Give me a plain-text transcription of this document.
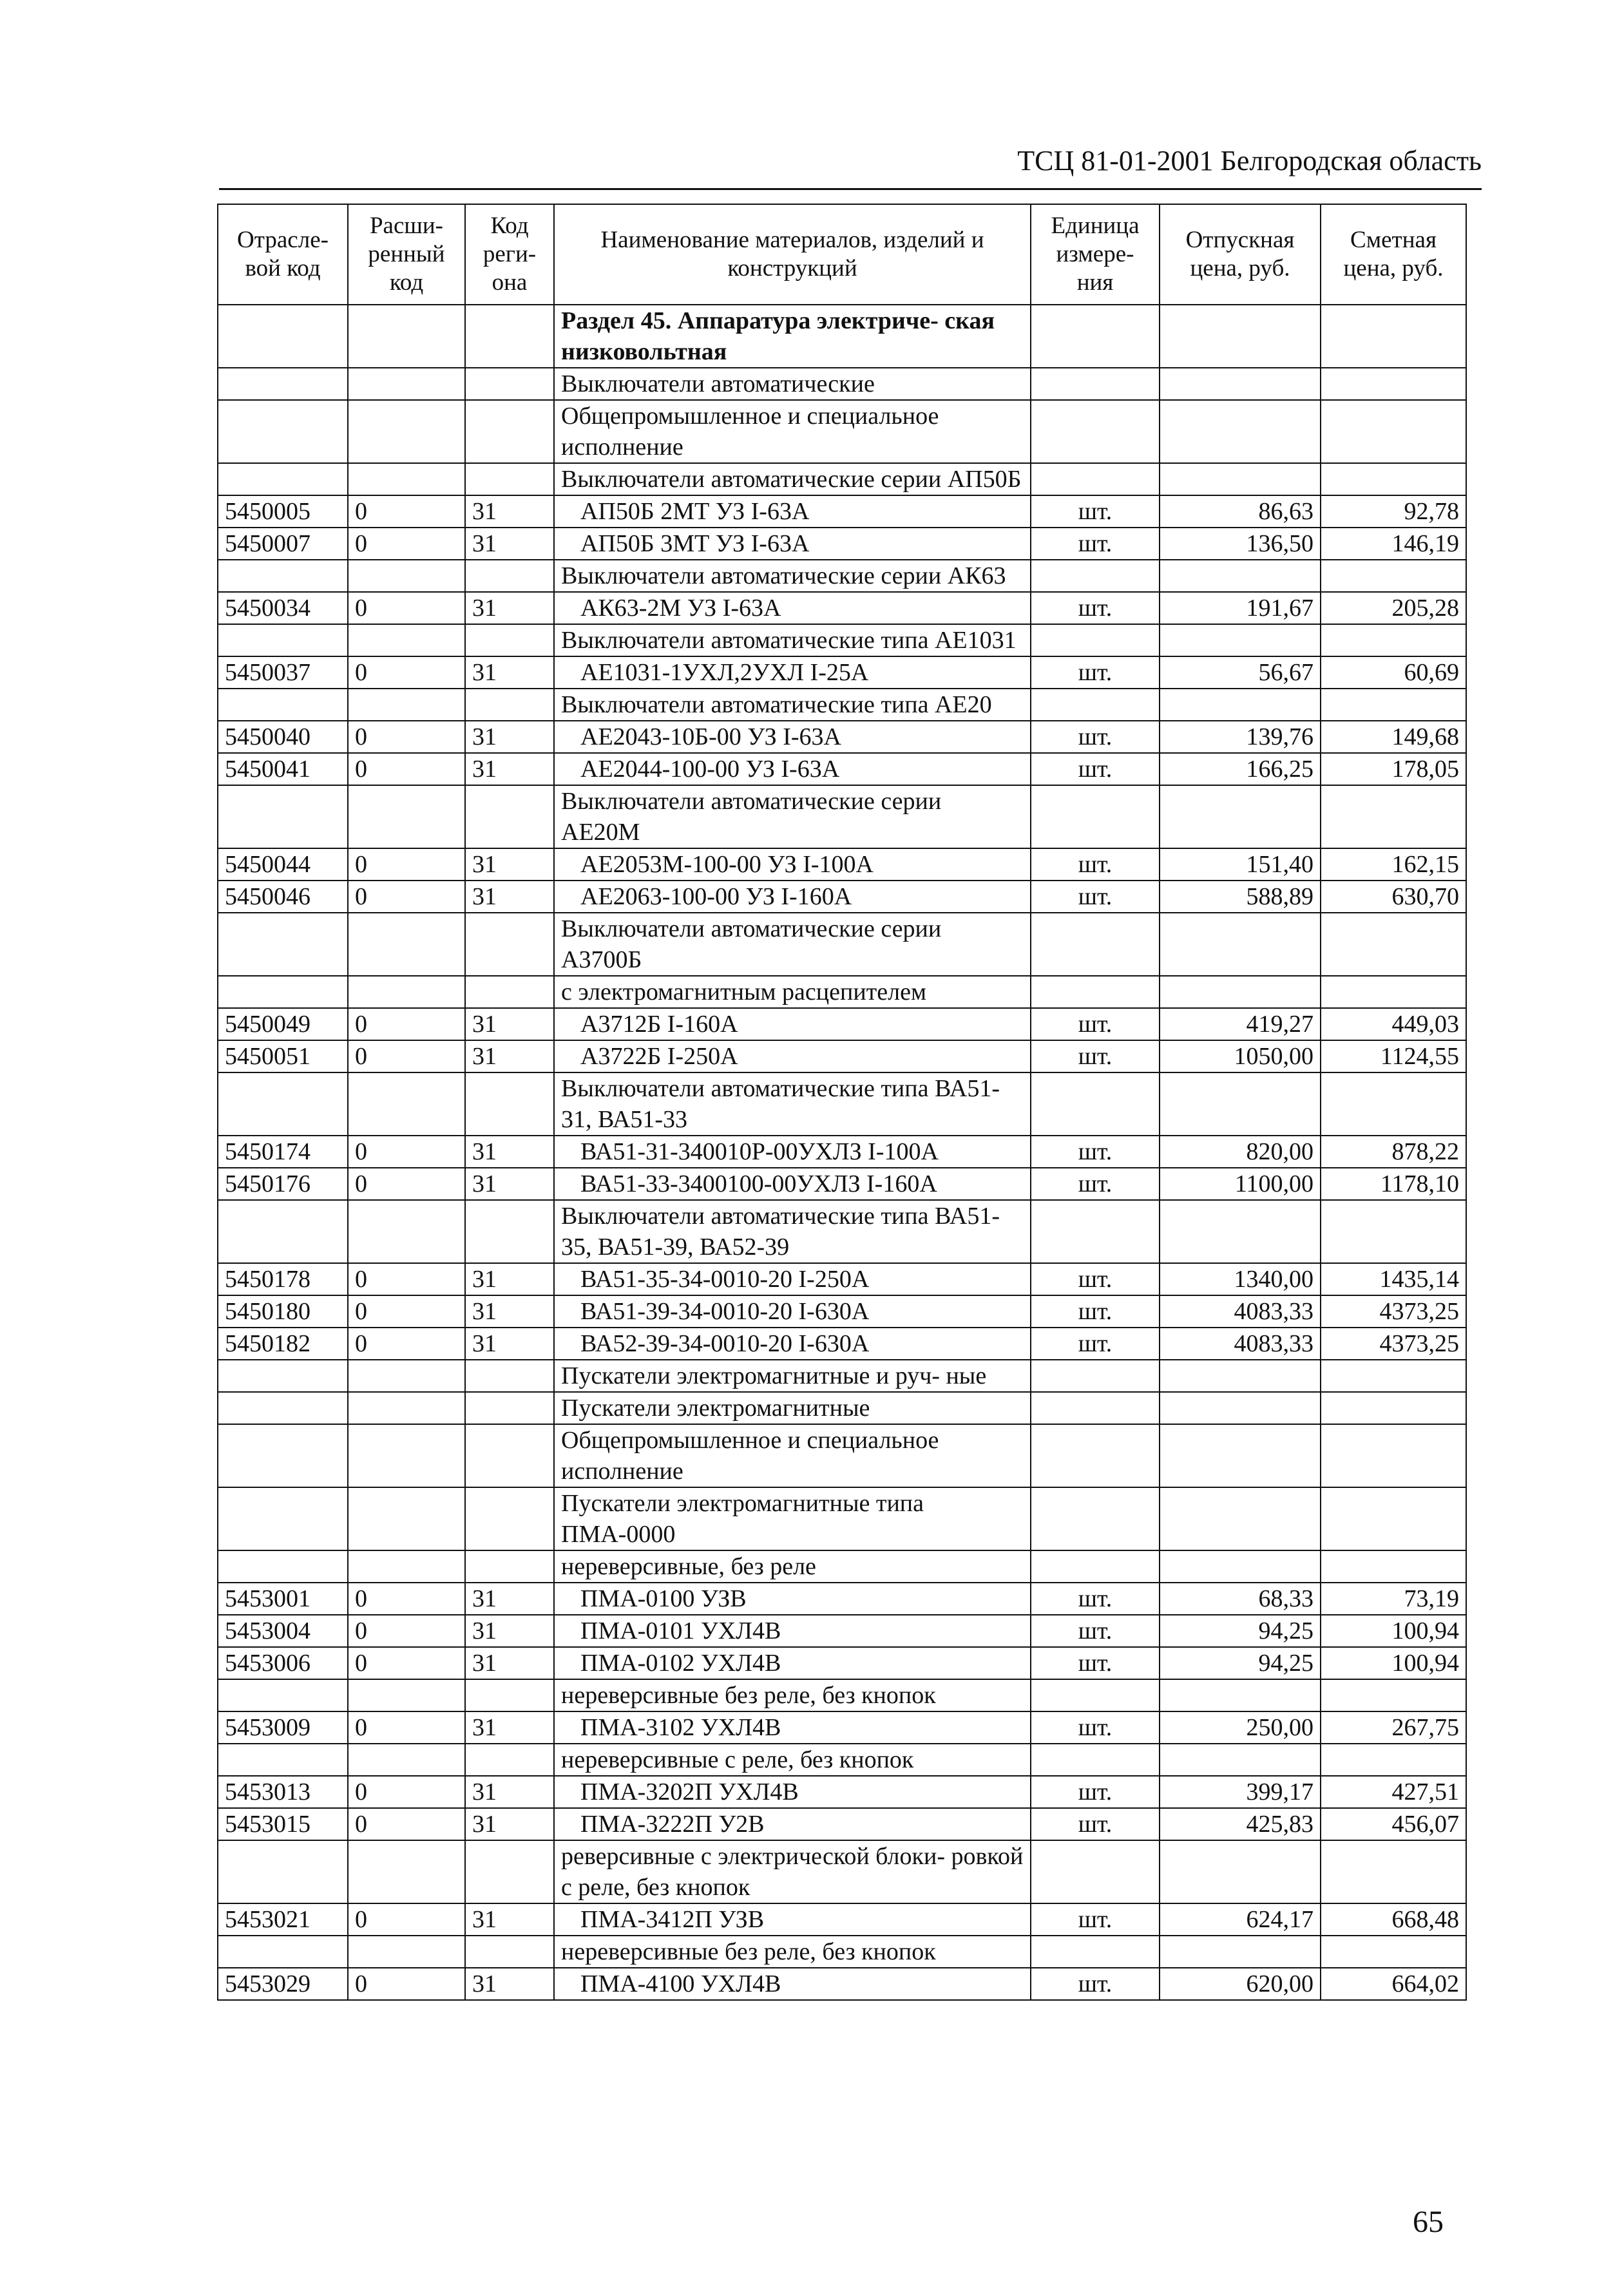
ТСЦ 81-01-2001 Белгородская область
Отрасле- вой код	Расши- ренный код	Код реги- она	Наименование материалов, изделий и конструкций	Единица измере- ния	Отпускная цена, руб.	Сметная цена, руб.
			Раздел 45. Аппаратура электриче- ская низковольтная			
			Выключатели автоматические			
			Общепромышленное и специальное исполнение			
			Выключатели автоматические серии АП50Б			
5450005	0	31	АП50Б 2МТ УЗ I-63A	шт.	86,63	92,78
5450007	0	31	АП50Б 3МТ УЗ I-63A	шт.	136,50	146,19
			Выключатели автоматические серии АК63			
5450034	0	31	АК63-2М УЗ I-63A	шт.	191,67	205,28
			Выключатели автоматические типа АЕ1031			
5450037	0	31	АЕ1031-1УХЛ,2УХЛ I-25A	шт.	56,67	60,69
			Выключатели автоматические типа АЕ20			
5450040	0	31	АЕ2043-10Б-00 УЗ I-63A	шт.	139,76	149,68
5450041	0	31	АЕ2044-100-00 УЗ I-63A	шт.	166,25	178,05
			Выключатели автоматические серии АЕ20М			
5450044	0	31	АЕ2053М-100-00 УЗ I-100A	шт.	151,40	162,15
5450046	0	31	АЕ2063-100-00 УЗ I-160A	шт.	588,89	630,70
			Выключатели автоматические серии А3700Б			
			с электромагнитным расцепителем			
5450049	0	31	А3712Б I-160A	шт.	419,27	449,03
5450051	0	31	А3722Б I-250A	шт.	1050,00	1124,55
			Выключатели автоматические типа ВА51-31, ВА51-33			
5450174	0	31	ВА51-31-340010Р-00УХЛЗ I-100A	шт.	820,00	878,22
5450176	0	31	ВА51-33-3400100-00УХЛЗ I-160A	шт.	1100,00	1178,10
			Выключатели автоматические типа ВА51-35, ВА51-39, ВА52-39			
5450178	0	31	ВА51-35-34-0010-20 I-250A	шт.	1340,00	1435,14
5450180	0	31	ВА51-39-34-0010-20 I-630A	шт.	4083,33	4373,25
5450182	0	31	ВА52-39-34-0010-20 I-630A	шт.	4083,33	4373,25
			Пускатели электромагнитные и руч- ные			
			Пускатели электромагнитные			
			Общепромышленное и специальное исполнение			
			Пускатели электромагнитные типа ПМА-0000			
			нереверсивные, без реле			
5453001	0	31	ПМА-0100 УЗВ	шт.	68,33	73,19
5453004	0	31	ПМА-0101 УХЛ4В	шт.	94,25	100,94
5453006	0	31	ПМА-0102 УХЛ4В	шт.	94,25	100,94
			нереверсивные без реле, без кнопок			
5453009	0	31	ПМА-3102 УХЛ4В	шт.	250,00	267,75
			нереверсивные с реле, без кнопок			
5453013	0	31	ПМА-3202П УХЛ4В	шт.	399,17	427,51
5453015	0	31	ПМА-3222П У2В	шт.	425,83	456,07
			реверсивные с электрической блоки- ровкой с реле, без кнопок			
5453021	0	31	ПМА-3412П УЗВ	шт.	624,17	668,48
			нереверсивные без реле, без кнопок			
5453029	0	31	ПМА-4100 УХЛ4В	шт.	620,00	664,02
65
